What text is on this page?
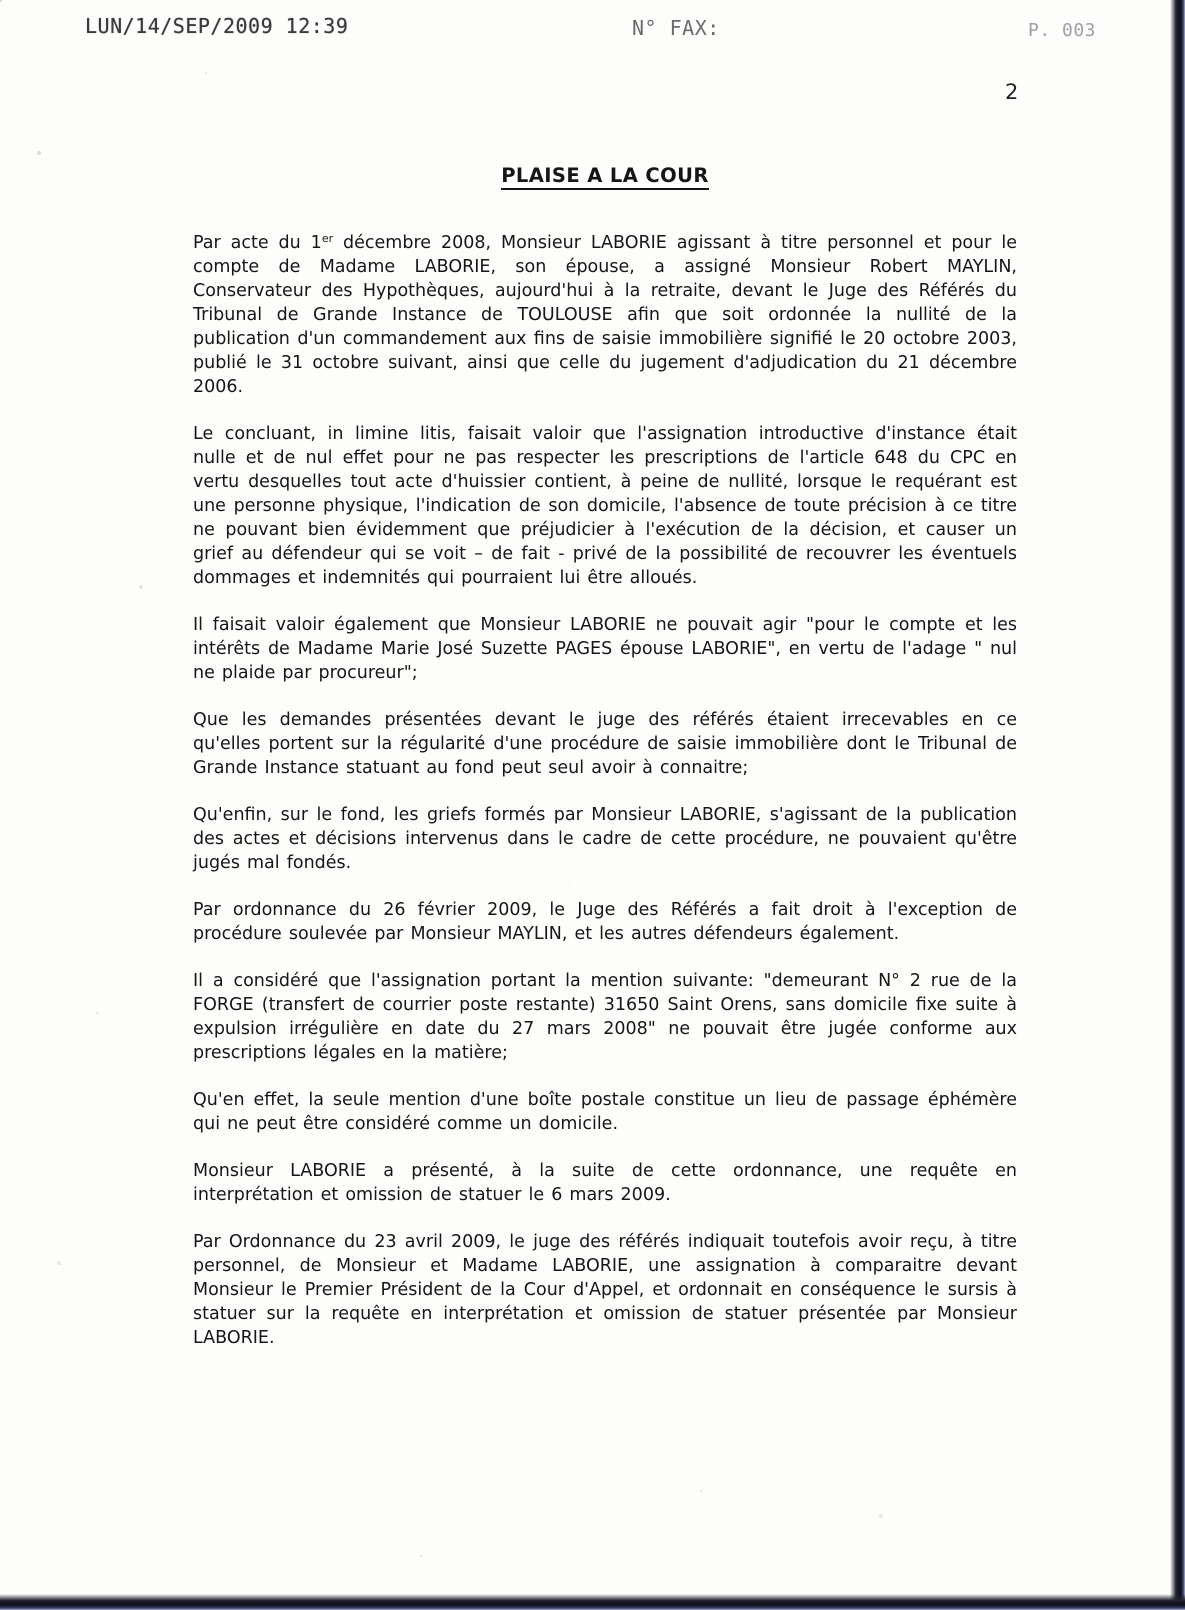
LUN/14/SEP/2009 12:39	N° FAX:	P. 003
2
PLAISE A LA COUR

Par acte du 1er décembre 2008, Monsieur LABORIE agissant à titre personnel et pour le compte de Madame LABORIE, son épouse, a assigné Monsieur Robert MAYLIN, Conservateur des Hypothèques, aujourd'hui à la retraite, devant le Juge des Référés du Tribunal de Grande Instance de TOULOUSE afin que soit ordonnée la nullité de la publication d'un commandement aux fins de saisie immobilière signifié le 20 octobre 2003, publié le 31 octobre suivant, ainsi que celle du jugement d'adjudication du 21 décembre 2006.

Le concluant, in limine litis, faisait valoir que l'assignation introductive d'instance était nulle et de nul effet pour ne pas respecter les prescriptions de l'article 648 du CPC en vertu desquelles tout acte d'huissier contient, à peine de nullité, lorsque le requérant est une personne physique, l'indication de son domicile, l'absence de toute précision à ce titre ne pouvant bien évidemment que préjudicier à l'exécution de la décision, et causer un grief au défendeur qui se voit – de fait - privé de la possibilité de recouvrer les éventuels dommages et indemnités qui pourraient lui être alloués.

Il faisait valoir également que Monsieur LABORIE ne pouvait agir "pour le compte et les intérêts de Madame Marie José Suzette PAGES épouse LABORIE", en vertu de l'adage " nul ne plaide par procureur";

Que les demandes présentées devant le juge des référés étaient irrecevables en ce qu'elles portent sur la régularité d'une procédure de saisie immobilière dont le Tribunal de Grande Instance statuant au fond peut seul avoir à connaitre;

Qu'enfin, sur le fond, les griefs formés par Monsieur LABORIE, s'agissant de la publication des actes et décisions intervenus dans le cadre de cette procédure, ne pouvaient qu'être jugés mal fondés.

Par ordonnance du 26 février 2009, le Juge des Référés a fait droit à l'exception de procédure soulevée par Monsieur MAYLIN, et les autres défendeurs également.

Il a considéré que l'assignation portant la mention suivante: "demeurant N° 2 rue de la FORGE (transfert de courrier poste restante) 31650 Saint Orens, sans domicile fixe suite à expulsion irrégulière en date du 27 mars 2008" ne pouvait être jugée conforme aux prescriptions légales en la matière;

Qu'en effet, la seule mention d'une boîte postale constitue un lieu de passage éphémère qui ne peut être considéré comme un domicile.

Monsieur LABORIE a présenté, à la suite de cette ordonnance, une requête en interprétation et omission de statuer le 6 mars 2009.

Par Ordonnance du 23 avril 2009, le juge des référés indiquait toutefois avoir reçu, à titre personnel, de Monsieur et Madame LABORIE, une assignation à comparaitre devant Monsieur le Premier Président de la Cour d'Appel, et ordonnait en conséquence le sursis à statuer sur la requête en interprétation et omission de statuer présentée par Monsieur LABORIE.
